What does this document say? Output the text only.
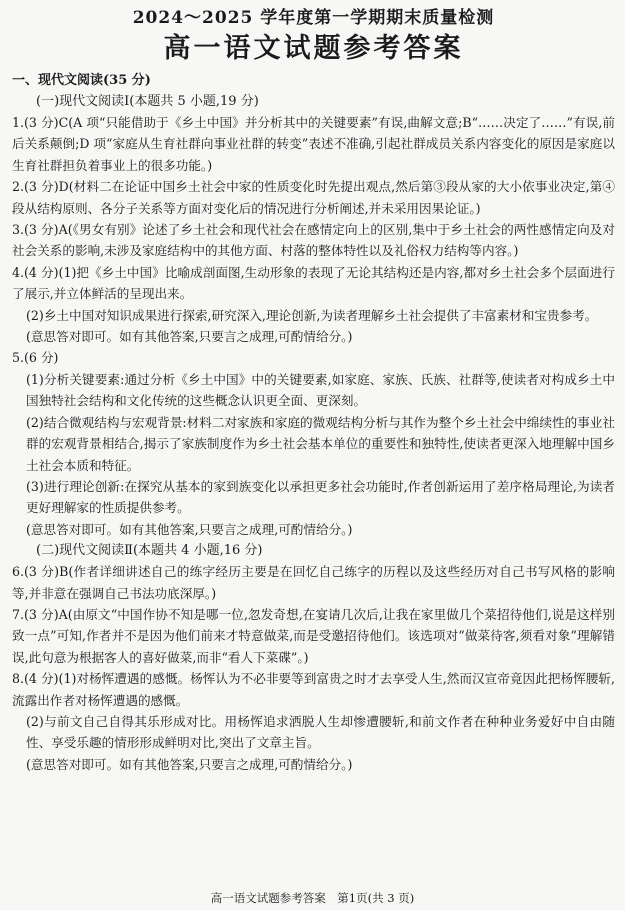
2024～2025 学年度第一学期期末质量检测
高一语文试题参考答案
一、现代文阅读(35 分)
(一)现代文阅读Ⅰ(本题共 5 小题,19 分)

1.(3 分)C(A 项“只能借助于《乡土中国》并分析其中的关键要素”有误,曲解文意;B“……决定了……”有误,前后关系颠倒;D 项“家庭从生育社群向事业社群的转变”表述不准确,引起社群成员关系内容变化的原因是家庭以生育社群担负着事业上的很多功能。)

2.(3 分)D(材料二在论证中国乡土社会中家的性质变化时先提出观点,然后第③段从家的大小依事业决定,第④段从结构原则、各分子关系等方面对变化后的情况进行分析阐述,并未采用因果论证。)

3.(3 分)A(《男女有别》论述了乡土社会和现代社会在感情定向上的区别,集中于乡土社会的两性感情定向及对社会关系的影响,未涉及家庭结构中的其他方面、村落的整体特性以及礼俗权力结构等内容。)

4.(4 分)(1)把《乡土中国》比喻成剖面图,生动形象的表现了无论其结构还是内容,都对乡土社会多个层面进行了展示,并立体鲜活的呈现出来。

(2)乡土中国对知识成果进行探索,研究深入,理论创新,为读者理解乡土社会提供了丰富素材和宝贵参考。

(意思答对即可。如有其他答案,只要言之成理,可酌情给分。)

5.(6 分)

(1)分析关键要素:通过分析《乡土中国》中的关键要素,如家庭、家族、氏族、社群等,使读者对构成乡土中国独特社会结构和文化传统的这些概念认识更全面、更深刻。

(2)结合微观结构与宏观背景:材料二对家族和家庭的微观结构分析与其作为整个乡土社会中绵续性的事业社群的宏观背景相结合,揭示了家族制度作为乡土社会基本单位的重要性和独特性,使读者更深入地理解中国乡土社会本质和特征。

(3)进行理论创新:在探究从基本的家到族变化以承担更多社会功能时,作者创新运用了差序格局理论,为读者更好理解家的性质提供参考。

(意思答对即可。如有其他答案,只要言之成理,可酌情给分。)

(二)现代文阅读Ⅱ(本题共 4 小题,16 分)

6.(3 分)B(作者详细讲述自己的练字经历主要是在回忆自己练字的历程以及这些经历对自己书写风格的影响等,并非意在强调自己书法功底深厚。)

7.(3 分)A(由原文“中国作协不知是哪一位,忽发奇想,在宴请几次后,让我在家里做几个菜招待他们,说是这样别致一点”可知,作者并不是因为他们前来才特意做菜,而是受邀招待他们。该选项对“做菜待客,须看对象”理解错误,此句意为根据客人的喜好做菜,而非“看人下菜碟”。)

8.(4 分)(1)对杨恽遭遇的感慨。杨恽认为不必非要等到富贵之时才去享受人生,然而汉宣帝竟因此把杨恽腰斩,流露出作者对杨恽遭遇的感慨。

(2)与前文自己自得其乐形成对比。用杨恽追求洒脱人生却惨遭腰斩,和前文作者在种种业务爱好中自由随性、享受乐趣的情形形成鲜明对比,突出了文章主旨。

(意思答对即可。如有其他答案,只要言之成理,可酌情给分。)

高一语文试题参考答案　第1页(共 3 页)
